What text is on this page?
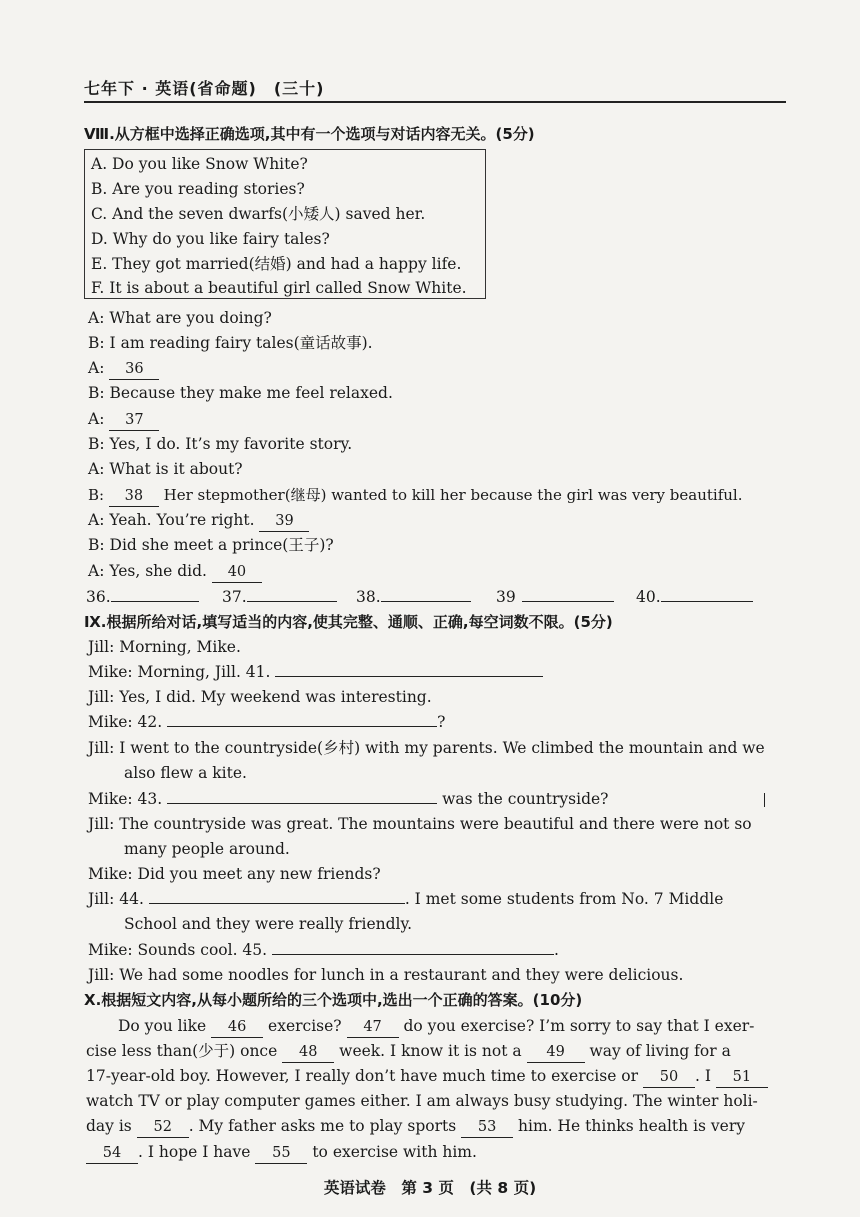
七年下 · 英语(省命题)　(三十)
Ⅷ.从方框中选择正确选项,其中有一个选项与对话内容无关。(5分)
A. Do you like Snow White?
B. Are you reading stories?
C. And the seven dwarfs(小矮人) saved her.
D. Why do you like fairy tales?
E. They got married(结婚) and had a happy life.
F. It is about a beautiful girl called Snow White.
A: What are you doing?
B: I am reading fairy tales(童话故事).
A: 36
B: Because they make me feel relaxed.
A: 37
B: Yes, I do. It’s my favorite story.
A: What is it about?
B: 38 Her stepmother(继母) wanted to kill her because the girl was very beautiful.
A: Yeah. You’re right. 39
B: Did she meet a prince(王子)?
A: Yes, she did. 40
36.	37.	38.	39	40.
Ⅸ.根据所给对话,填写适当的内容,使其完整、通顺、正确,每空词数不限。(5分)
Jill: Morning, Mike.
Mike: Morning, Jill. 41.
Jill: Yes, I did. My weekend was interesting.
Mike: 42.	?
Jill: I went to the countryside(乡村) with my parents. We climbed the mountain and we
also flew a kite.
Mike: 43.	was the countryside?
Jill: The countryside was great. The mountains were beautiful and there were not so
many people around.
Mike: Did you meet any new friends?
Jill: 44.	. I met some students from No. 7 Middle
School and they were really friendly.
Mike: Sounds cool. 45.	.
Jill: We had some noodles for lunch in a restaurant and they were delicious.
Ⅹ.根据短文内容,从每小题所给的三个选项中,选出一个正确的答案。(10分)
Do you like 46 exercise? 47 do you exercise? I’m sorry to say that I exer-
cise less than(少于) once 48 week. I know it is not a 49 way of living for a
17-year-old boy. However, I really don’t have much time to exercise or 50 . I 51
watch TV or play computer games either. I am always busy studying. The winter holi-
day is 52 . My father asks me to play sports 53 him. He thinks health is very
54 . I hope I have 55 to exercise with him.
英语试卷　第 3 页　(共 8 页)
